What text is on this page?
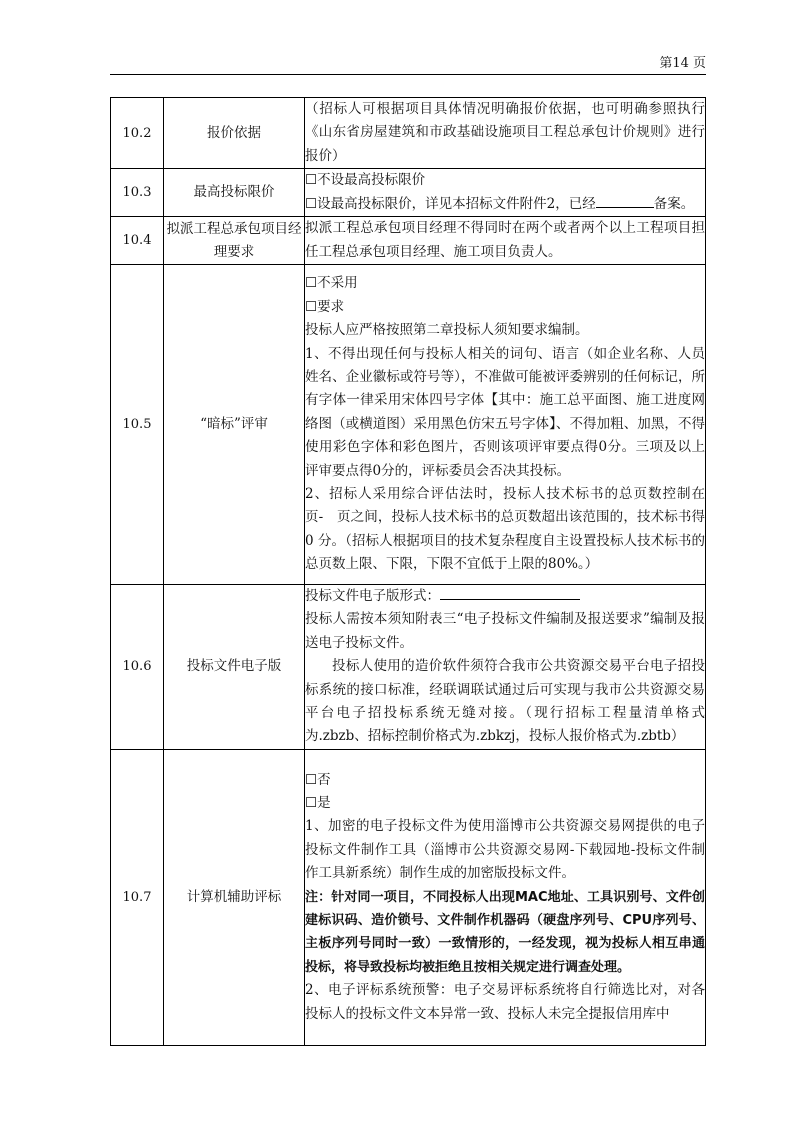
第14 页
10.2	报价依据	（招标人可根据项目具体情况明确报价依据，也可明确参照执行《山东省房屋建筑和市政基础设施项目工程总承包计价规则》进行报价）

10.3	最高投标限价	☐不设最高投标限价

☐设最高投标限价，详见本招标文件附件2，已经 备案。

10.4	拟派工程总承包项目经理要求	拟派工程总承包项目经理不得同时在两个或者两个以上工程项目担任工程总承包项目经理、施工项目负责人。

10.5	“暗标”评审	☐不采用

☐要求

投标人应严格按照第二章投标人须知要求编制。

1、不得出现任何与投标人相关的词句、语言（如企业名称、人员姓名、企业徽标或符号等），不准做可能被评委辨别的任何标记，所有字体一律采用宋体四号字体【其中：施工总平面图、施工进度网络图（或横道图）采用黑色仿宋五号字体】、不得加粗、加黑，不得使用彩色字体和彩色图片，否则该项评审要点得0分。三项及以上评审要点得0分的，评标委员会否决其投标。

2、招标人采用综合评估法时，投标人技术标书的总页数控制在　页-　页之间，投标人技术标书的总页数超出该范围的，技术标书得 0 分。（招标人根据项目的技术复杂程度自主设置投标人技术标书的总页数上限、下限，下限不宜低于上限的80%。）

10.6	投标文件电子版	投标文件电子版形式：

投标人需按本须知附表三“电子投标文件编制及报送要求”编制及报送电子投标文件。

投标人使用的造价软件须符合我市公共资源交易平台电子招投标系统的接口标准，经联调联试通过后可实现与我市公共资源交易平台电子招投标系统无缝对接。（现行招标工程量清单格式为.zbzb、招标控制价格式为.zbkzj，投标人报价格式为.zbtb）

10.7	计算机辅助评标	☐否

☐是

1、加密的电子投标文件为使用淄博市公共资源交易网提供的电子投标文件制作工具（淄博市公共资源交易网-下载园地-投标文件制作工具新系统）制作生成的加密版投标文件。

注：针对同一项目，不同投标人出现MAC地址、工具识别号、文件创建标识码、造价锁号、文件制作机器码（硬盘序列号、CPU序列号、主板序列号同时一致）一致情形的，一经发现，视为投标人相互串通投标，将导致投标均被拒绝且按相关规定进行调查处理。

2、电子评标系统预警：电子交易评标系统将自行筛选比对，对各投标人的投标文件文本异常一致、投标人未完全提报信用库中
